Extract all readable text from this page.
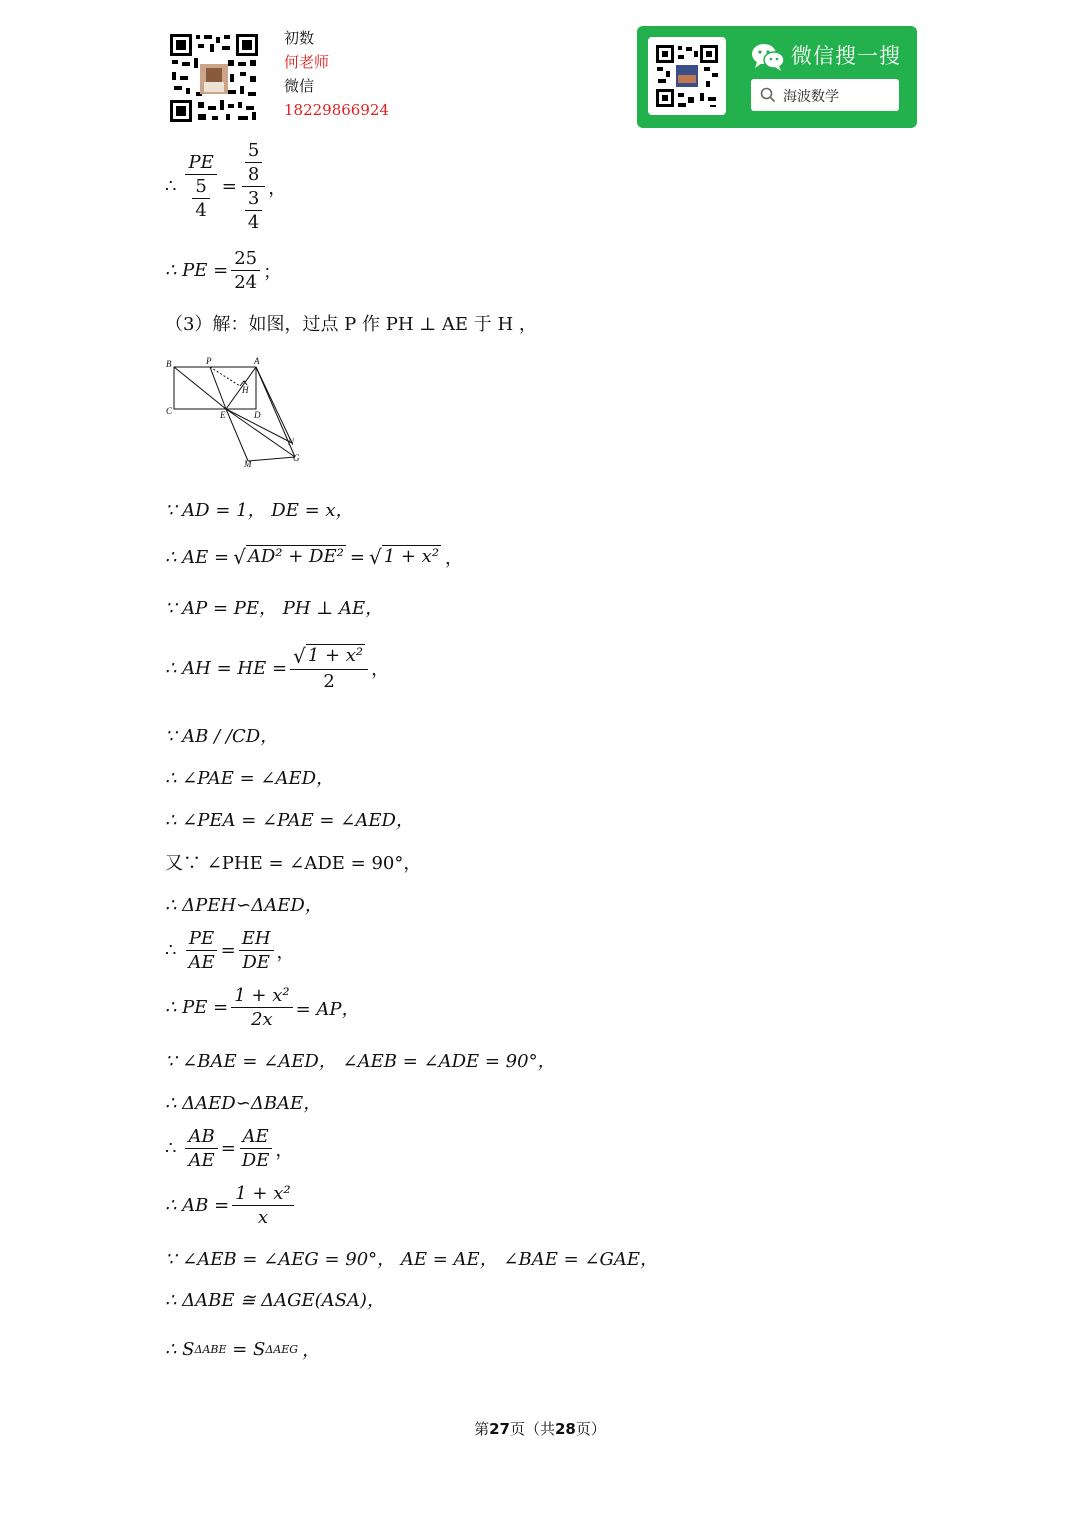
初数
何老师
微信
18229866924
微信搜一搜
海波数学
∴ $\frac{PE}{\frac{5}{4}} = \frac{\frac{5}{8}}{\frac{3}{4}}$ ，
∴ PE = $\frac{25}{24}$ ；
（3）解：如图，过点 P 作 PH ⊥ AE 于 H ，
B	P	A
H
C	E	D
N
M
G
∵ AD = 1， DE = x，
∴ AE = √ AD² + DE² = √ 1 + x² ，
∵ AP = PE， PH ⊥ AE，
∴ AH = HE = $\frac{\text{√ 1 + x²}}{2}$ ，
∵ AB / /CD，
∴ ∠PAE = ∠AED，
∴ ∠PEA = ∠PAE = ∠AED，
又∵ ∠PHE = ∠ADE = 90°，
∴ ΔPEH∽ΔAED，
∴ $\frac{PE}{AE} = \frac{EH}{DE}$ ，
∴ PE = $\frac{\text{1 + x²}}{2x}$ = AP，
∵ ∠BAE = ∠AED， ∠AEB = ∠ADE = 90°，
∴ ΔAED∽ΔBAE，
∴ $\frac{AB}{AE} = \frac{AE}{DE}$ ，
∴ AB = $\frac{\text{1 + x²}}{x}$
∵ ∠AEB = ∠AEG = 90°， AE = AE， ∠BAE = ∠GAE，
∴ ΔABE ≅ ΔAGE(ASA)，
∴ S ΔABE = S ΔAEG ，
第27页（共28页）
